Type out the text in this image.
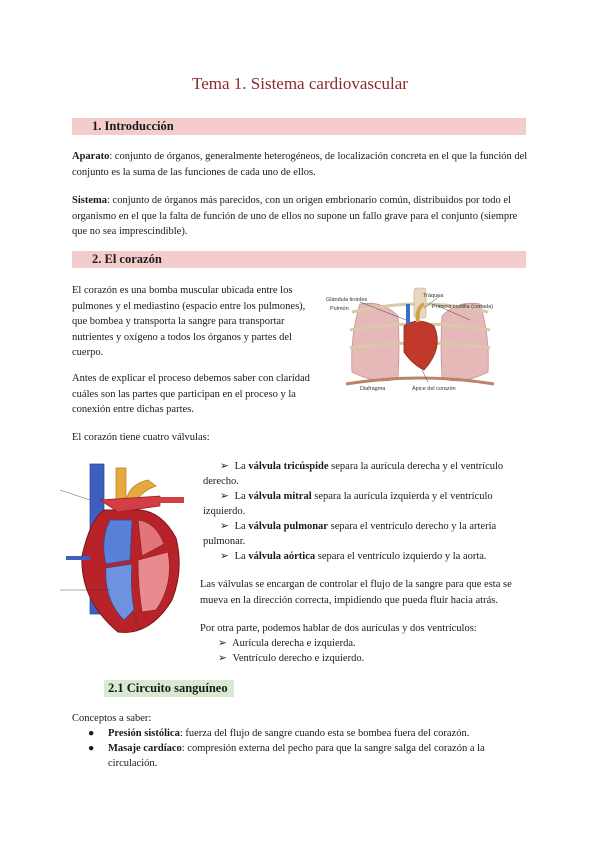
Tema 1. Sistema cardiovascular
1. Introducción
Aparato: conjunto de órganos, generalmente heterogéneos, de localización concreta en el que la función del conjunto es la suma de las funciones de cada uno de ellos.
Sistema: conjunto de órganos más parecidos, con un origen embrionario común, distribuidos por todo el organismo en el que la falta de función de uno de ellos no supone un fallo grave para el conjunto (siempre que no sea imprescindible).
2. El corazón
El corazón es una bomba muscular ubicada entre los pulmones y el mediastino (espacio entre los pulmones), que bombea y transporta la sangre para transportar nutrientes y oxígeno a todos los órganos y partes del cuerpo.
Antes de explicar el proceso debemos saber con claridad cuáles son las partes que participan en el proceso y la conexión entre dichas partes.
Glándula tiroides
Pulmón
Tráquea
Primera costilla (cortada)
Diafragma	Ápice del corazón
El corazón tiene cuatro válvulas:
➢ La válvula tricúspide separa la aurícula derecha y el ventrículo derecho.
➢ La válvula mitral separa la aurícula izquierda y el ventrículo izquierdo.
➢ La válvula pulmonar separa el ventrículo derecho y la arteria pulmonar.
➢ La válvula aórtica separa el ventrículo izquierdo y la aorta.
Las válvulas se encargan de controlar el flujo de la sangre para que esta se mueva en la dirección correcta, impidiendo que pueda fluir hacia atrás.
Por otra parte, podemos hablar de dos aurículas y dos ventrículos:
➢ Aurícula derecha e izquierda.
➢ Ventrículo derecho e izquierdo.
2.1 Circuito sanguíneo
Conceptos a saber:
●	Presión sistólica: fuerza del flujo de sangre cuando esta se bombea fuera del corazón.
●	Masaje cardíaco: compresión externa del pecho para que la sangre salga del corazón a la circulación.
